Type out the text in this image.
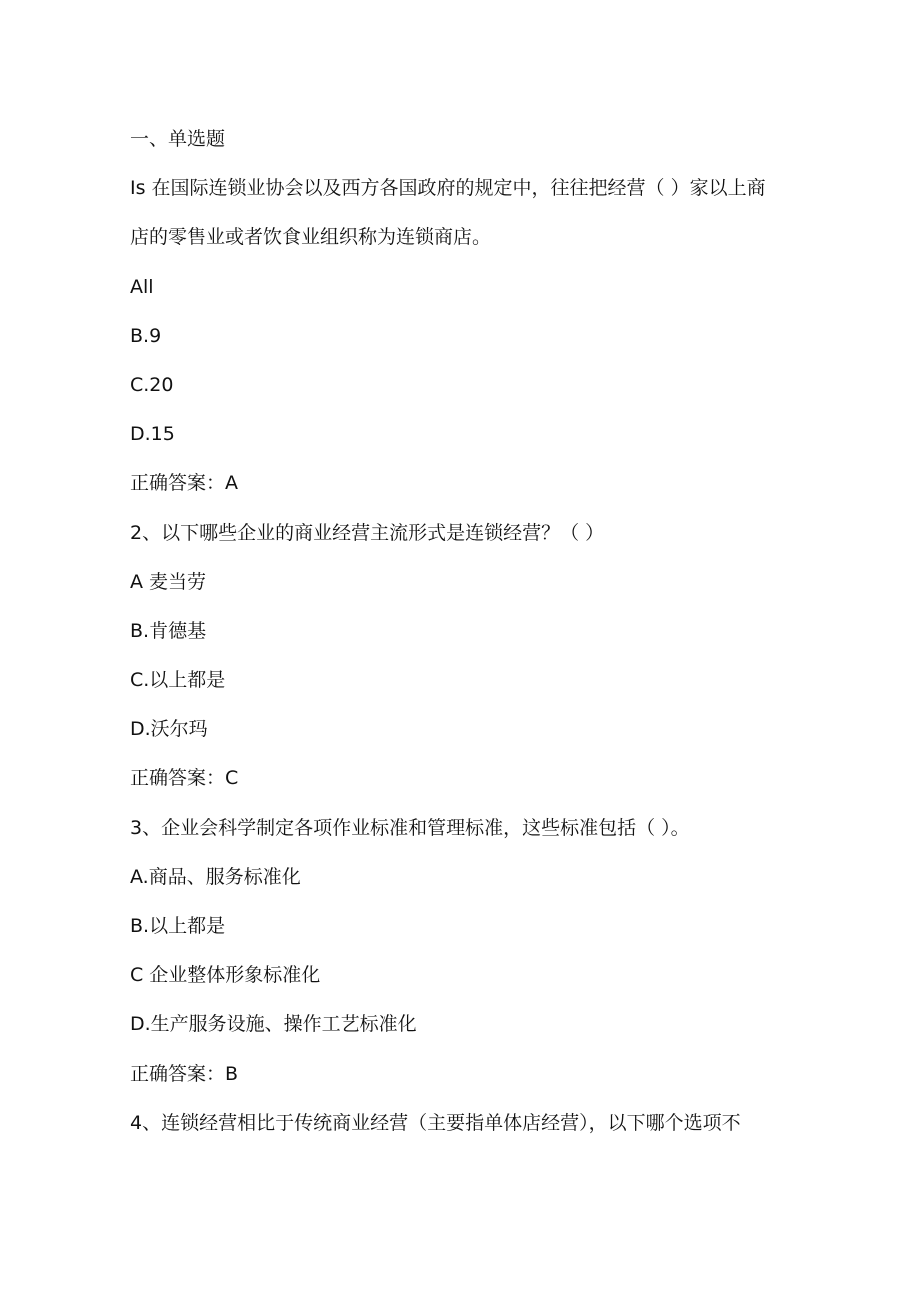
一、单选题

Is 在国际连锁业协会以及西方各国政府的规定中，往往把经营（ ）家以上商

店的零售业或者饮食业组织称为连锁商店。

All

B.9

C.20

D.15

正确答案：A

2、以下哪些企业的商业经营主流形式是连锁经营？（ ）

A 麦当劳

B.肯德基

C.以上都是

D.沃尔玛

正确答案：C

3、企业会科学制定各项作业标准和管理标准，这些标准包括（ ）。

A.商品、服务标准化

B.以上都是

C 企业整体形象标准化

D.生产服务设施、操作工艺标准化

正确答案：B

4、连锁经营相比于传统商业经营（主要指单体店经营），以下哪个选项不
